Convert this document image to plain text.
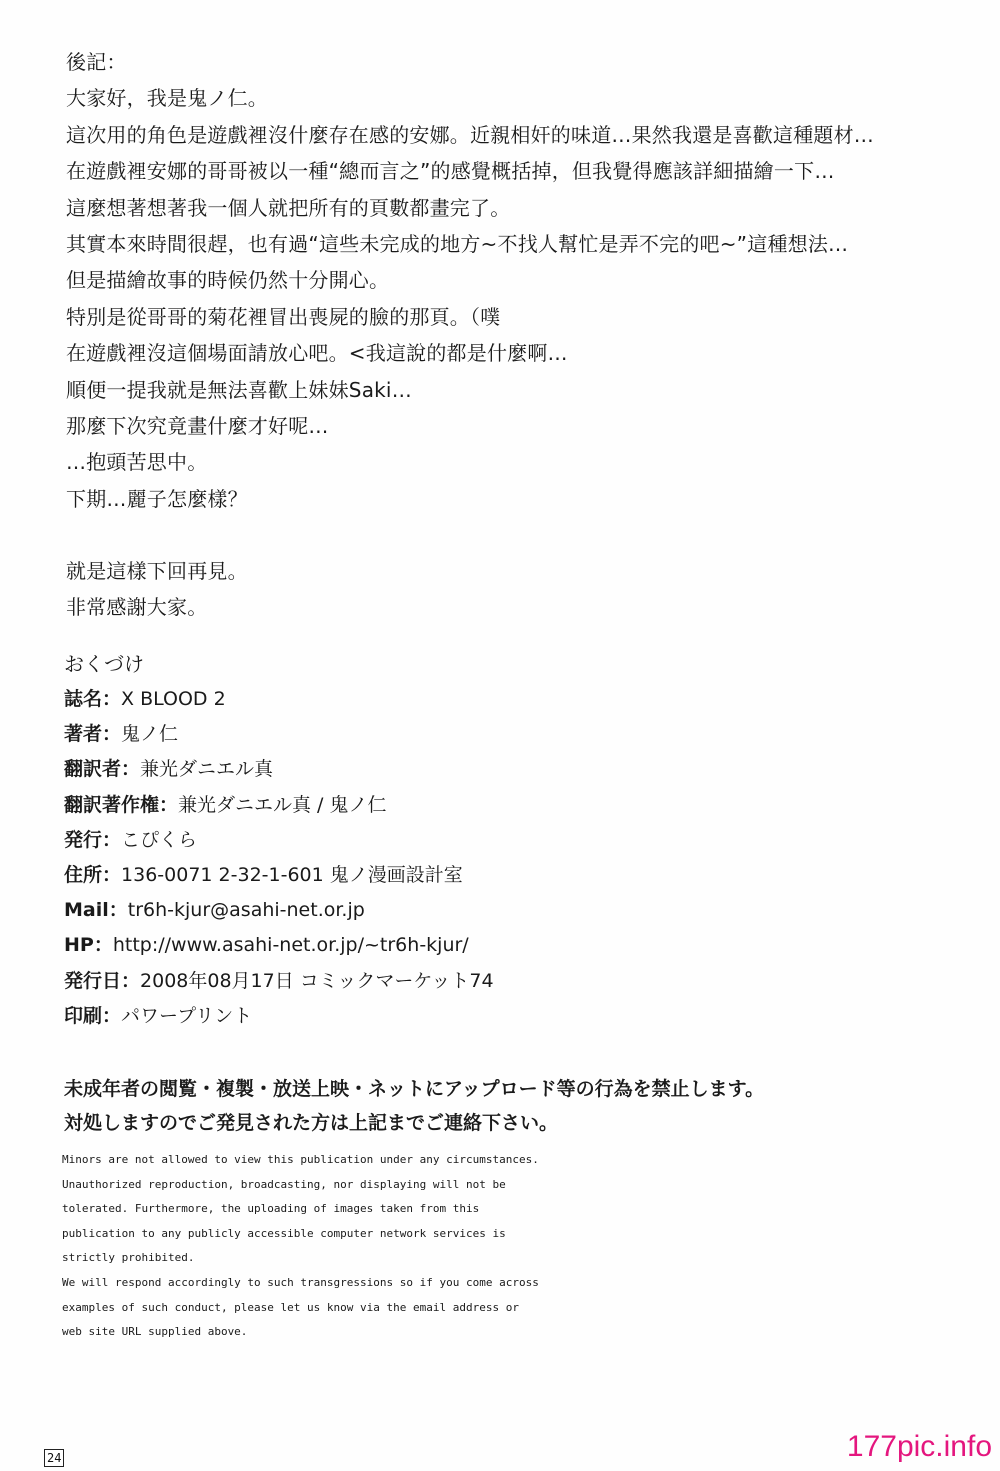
後記：
大家好，我是鬼ノ仁。
這次用的角色是遊戲裡沒什麼存在感的安娜。近親相奸的味道…果然我還是喜歡這種題材…
在遊戲裡安娜的哥哥被以一種“總而言之”的感覺概括掉，但我覺得應該詳細描繪一下…
這麼想著想著我一個人就把所有的頁數都畫完了。
其實本來時間很趕，也有過“這些未完成的地方~不找人幫忙是弄不完的吧~”這種想法…
但是描繪故事的時候仍然十分開心。
特別是從哥哥的菊花裡冒出喪屍的臉的那頁。（噗
在遊戲裡沒這個場面請放心吧。<我這說的都是什麼啊…
順便一提我就是無法喜歡上妹妹Saki…
那麼下次究竟畫什麼才好呢…
…抱頭苦思中。
下期…麗子怎麼樣？
就是這樣下回再見。
非常感謝大家。
おくづけ
誌名：X BLOOD 2
著者：鬼ノ仁
翻訳者：兼光ダニエル真
翻訳著作権：兼光ダニエル真 / 鬼ノ仁
発行：こぴくら
住所：136-0071 2-32-1-601 鬼ノ漫画設計室
Mail：tr6h-kjur@asahi-net.or.jp
HP：http://www.asahi-net.or.jp/~tr6h-kjur/
発行日：2008年08月17日 コミックマーケット74
印刷：パワープリント
未成年者の閲覧・複製・放送上映・ネットにアップロード等の行為を禁止します。
対処しますのでご発見された方は上記までご連絡下さい。
Minors are not allowed to view this publication under any circumstances.
Unauthorized reproduction, broadcasting, nor displaying will not be
tolerated. Furthermore, the uploading of images taken from this
publication to any publicly accessible computer network services is
strictly prohibited.
We will respond accordingly to such transgressions so if you come across
examples of such conduct, please let us know via the email address or
web site URL supplied above.
24	177pic.info
